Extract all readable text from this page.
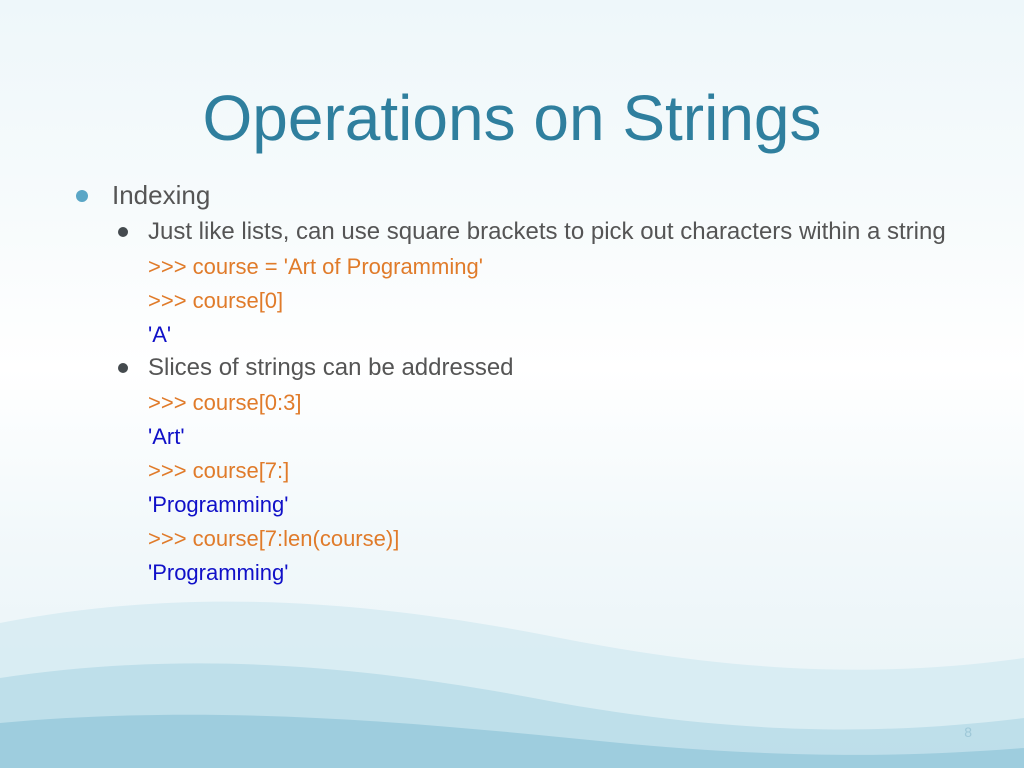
Operations on Strings
Indexing
Just like lists, can use square brackets to pick out characters within a string
>>> course = 'Art of Programming'
>>> course[0]
'A'
Slices of strings can be addressed
>>> course[0:3]
'Art'
>>> course[7:]
'Programming'
>>> course[7:len(course)]
'Programming'
8
